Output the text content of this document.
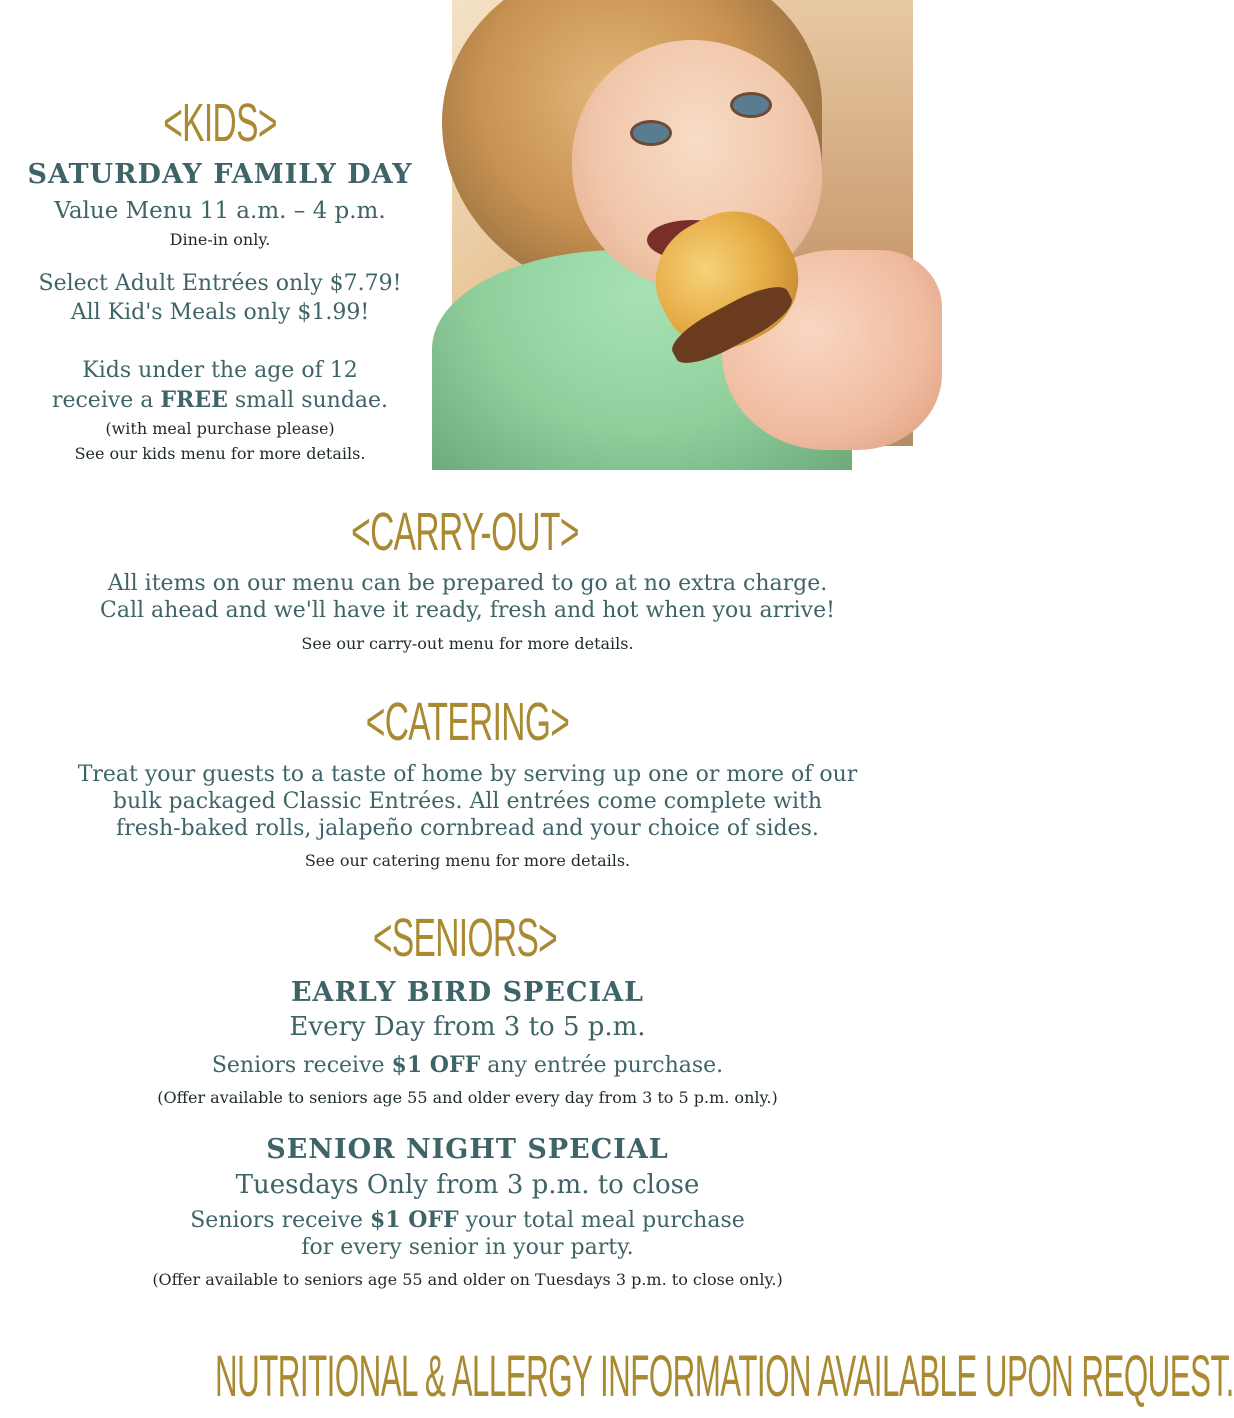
<KIDS>
SATURDAY FAMILY DAY
Value Menu 11 a.m. – 4 p.m.
Dine-in only.
Select Adult Entrées only $7.79!
All Kid's Meals only $1.99!
Kids under the age of 12
receive a FREE small sundae.
(with meal purchase please)
See our kids menu for more details.
<CARRY-OUT>
All items on our menu can be prepared to go at no extra charge.
Call ahead and we'll have it ready, fresh and hot when you arrive!
See our carry-out menu for more details.
<CATERING>
Treat your guests to a taste of home by serving up one or more of our
bulk packaged Classic Entrées. All entrées come complete with
fresh-baked rolls, jalapeño cornbread and your choice of sides.
See our catering menu for more details.
<SENIORS>
EARLY BIRD SPECIAL
Every Day from 3 to 5 p.m.
Seniors receive $1 OFF any entrée purchase.
(Offer available to seniors age 55 and older every day from 3 to 5 p.m. only.)
SENIOR NIGHT SPECIAL
Tuesdays Only from 3 p.m. to close
Seniors receive $1 OFF your total meal purchase
for every senior in your party.
(Offer available to seniors age 55 and older on Tuesdays 3 p.m. to close only.)
NUTRITIONAL & ALLERGY INFORMATION AVAILABLE UPON REQUEST.
